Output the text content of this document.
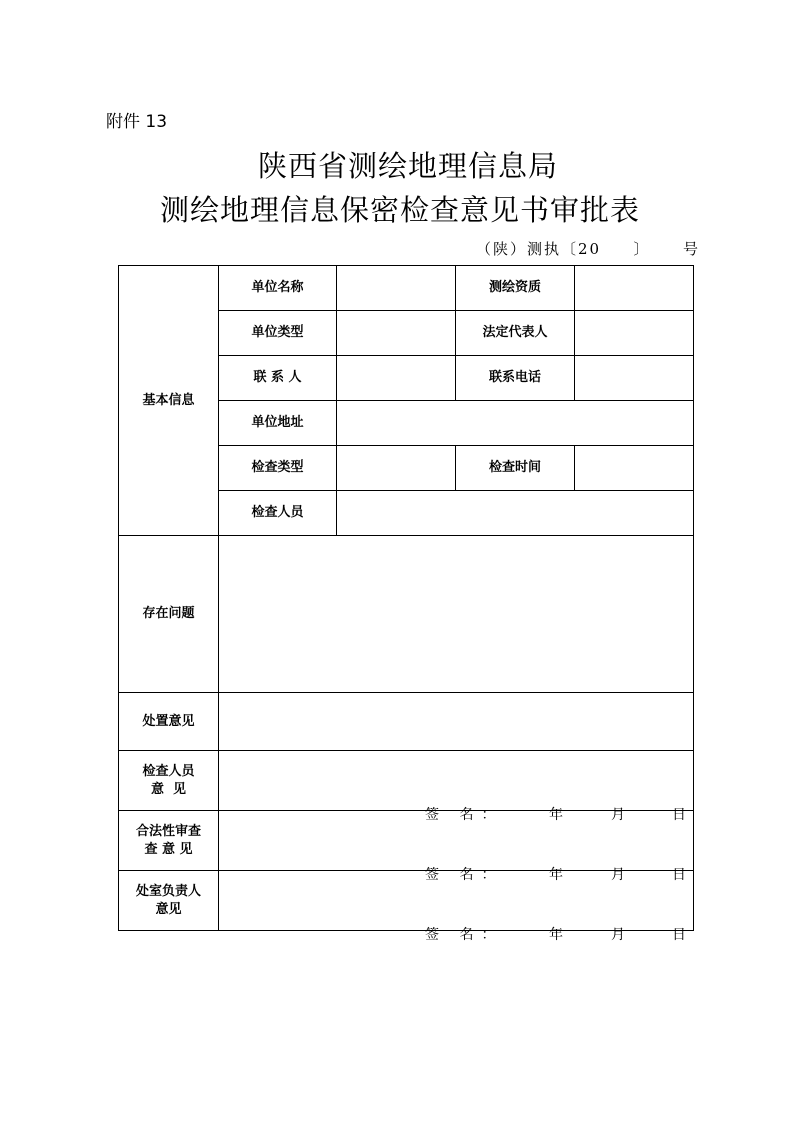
附件 13
陕西省测绘地理信息局
测绘地理信息保密检查意见书审批表
（陕）测执〔20 〕 号
基本信息	单位名称		测绘资质	
	单位类型		法定代表人	
	联 系 人		联系电话	
	单位地址			
	检查类型		检查时间	
	检查人员			
存在问题				
处置意见				

检查人员
意  见	签 名： 年 月 日			

合法性审查
查 意 见	签 名： 年 月 日			

处室负责人
意见	签 名： 年 月 日			
